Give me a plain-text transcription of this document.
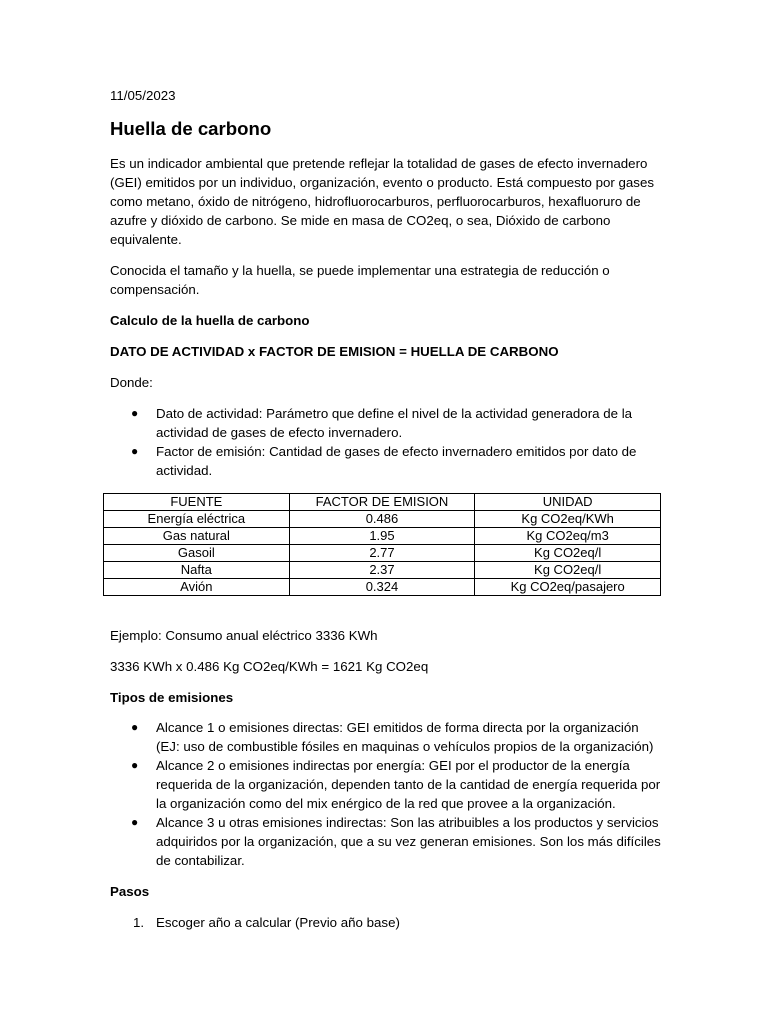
11/05/2023

Huella de carbono

Es un indicador ambiental que pretende reflejar la totalidad de gases de efecto invernadero (GEI) emitidos por un individuo, organización, evento o producto. Está compuesto por gases como metano, óxido de nitrógeno, hidrofluorocarburos, perfluorocarburos, hexafluoruro de azufre y dióxido de carbono. Se mide en masa de CO2eq, o sea, Dióxido de carbono equivalente.

Conocida el tamaño y la huella, se puede implementar una estrategia de reducción o compensación.

Calculo de la huella de carbono

DATO DE ACTIVIDAD x FACTOR DE EMISION = HUELLA DE CARBONO

Donde:

● Dato de actividad: Parámetro que define el nivel de la actividad generadora de la actividad de gases de efecto invernadero.
● Factor de emisión: Cantidad de gases de efecto invernadero emitidos por dato de actividad.
FUENTE	FACTOR DE EMISION	UNIDAD
Energía eléctrica	0.486	Kg CO2eq/KWh
Gas natural	1.95	Kg CO2eq/m3
Gasoil	2.77	Kg CO2eq/l
Nafta	2.37	Kg CO2eq/l
Avión	0.324	Kg CO2eq/pasajero

Ejemplo: Consumo anual eléctrico 3336 KWh

3336 KWh x 0.486 Kg CO2eq/KWh = 1621 Kg CO2eq

Tipos de emisiones

● Alcance 1 o emisiones directas: GEI emitidos de forma directa por la organización (EJ: uso de combustible fósiles en maquinas o vehículos propios de la organización)
● Alcance 2 o emisiones indirectas por energía: GEI por el productor de la energía requerida de la organización, dependen tanto de la cantidad de energía requerida por la organización como del mix enérgico de la red que provee a la organización.
● Alcance 3 u otras emisiones indirectas: Son las atribuibles a los productos y servicios adquiridos por la organización, que a su vez generan emisiones. Son los más difíciles de contabilizar.

Pasos

1. Escoger año a calcular (Previo año base)
